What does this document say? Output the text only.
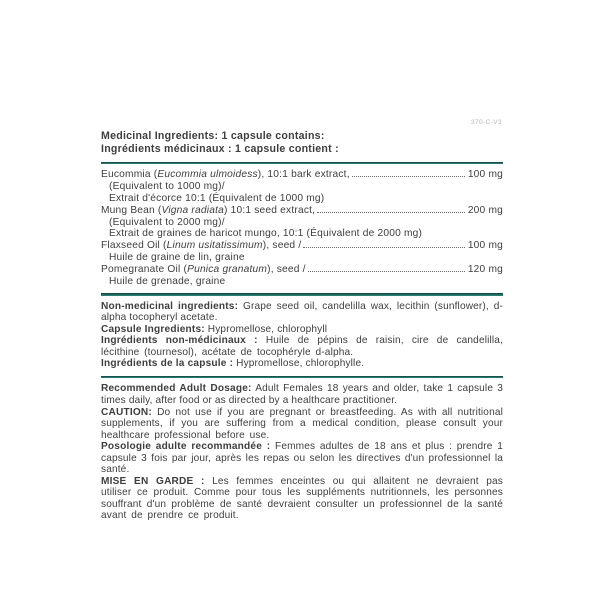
370-C-V3
Medicinal Ingredients: 1 capsule contains:
Ingrédients médicinaux : 1 capsule contient :
Eucommia (Eucommia ulmoidess), 10:1 bark extract,	100 mg
(Equivalent to 1000 mg)/
Extrait d'écorce 10:1 (Équivalent de 1000 mg)
Mung Bean (Vigna radiata) 10:1 seed extract,	200 mg
(Equivalent to 2000 mg)/
Extrait de graines de haricot mungo, 10:1 (Équivalent de 2000 mg)
Flaxseed Oil (Linum usitatissimum), seed /	100 mg
Huile de graine de lin, graine
Pomegranate Oil (Punica granatum), seed /	120 mg
Huile de grenade, graine

Non-medicinal ingredients: Grape seed oil, candelilla wax, lecithin (sunflower), d-alpha tocopheryl acetate.

Capsule Ingredients: Hypromellose, chlorophyll

Ingrédients non-médicinaux : Huile de pépins de raisin, cire de candelilla, lécithine (tournesol), acétate de tocophéryle d-alpha.

Ingrédients de la capsule : Hypromellose, chlorophylle.

Recommended Adult Dosage: Adult Females 18 years and older, take 1 capsule 3 times daily, after food or as directed by a healthcare practitioner.

CAUTION: Do not use if you are pregnant or breastfeeding. As with all nutritional supplements, if you are suffering from a medical condition, please consult your healthcare professional before use.

Posologie adulte recommandée : Femmes adultes de 18 ans et plus : prendre 1 capsule 3 fois par jour, après les repas ou selon les directives d'un professionnel la santé.

MISE EN GARDE : Les femmes enceintes ou qui allaitent ne devraient pas utiliser ce produit. Comme pour tous les suppléments nutritionnels, les personnes souffrant d'un problème de santé devraient consulter un professionnel de la santé avant de prendre ce produit.
